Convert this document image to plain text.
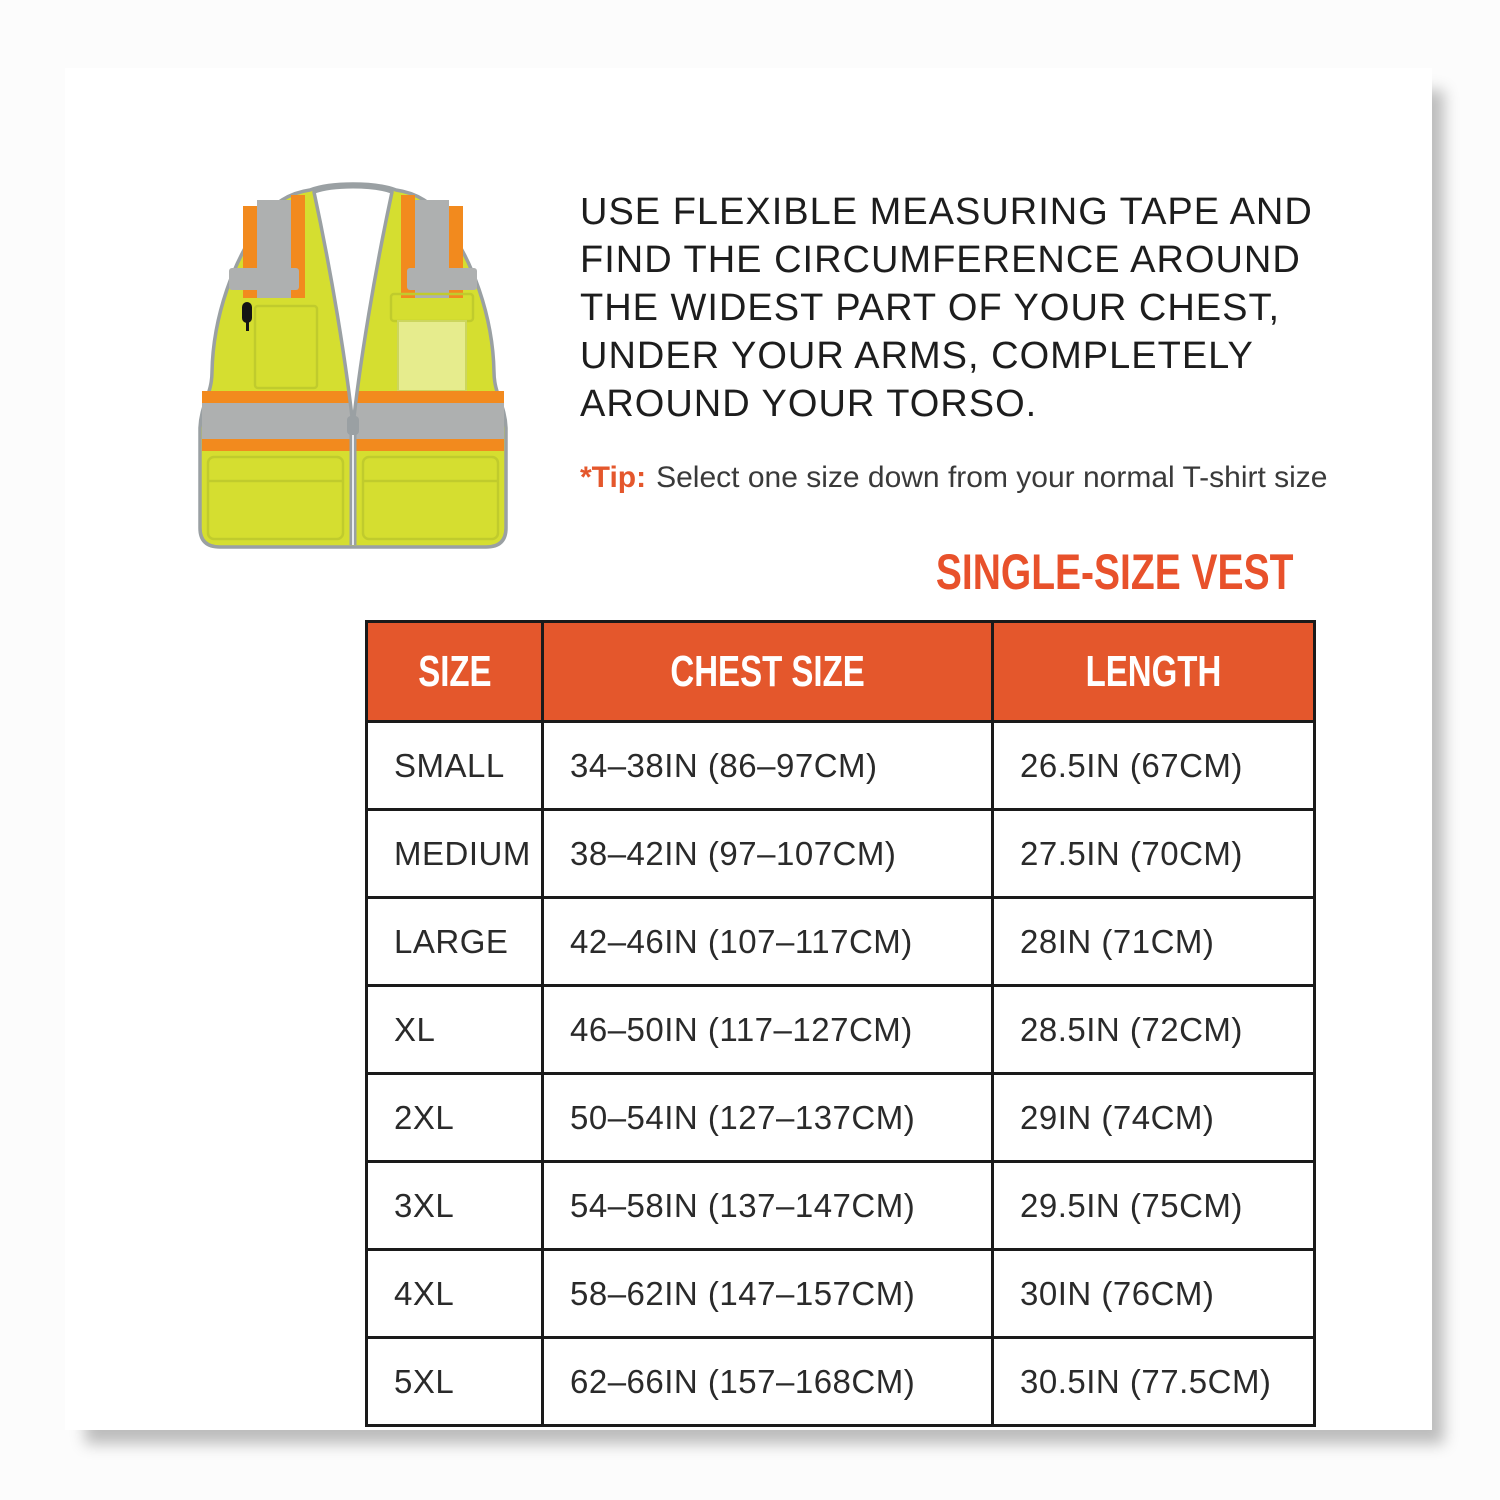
USE FLEXIBLE MEASURING TAPE AND
FIND THE CIRCUMFERENCE AROUND
THE WIDEST PART OF YOUR CHEST,
UNDER YOUR ARMS, COMPLETELY
AROUND YOUR TORSO.
*Tip: Select one size down from your normal T-shirt size
SINGLE-SIZE VEST
SIZE	CHEST SIZE	LENGTH
SMALL	34–38IN (86–97CM)	26.5IN (67CM)
MEDIUM	38–42IN (97–107CM)	27.5IN (70CM)
LARGE	42–46IN (107–117CM)	28IN (71CM)
XL	46–50IN (117–127CM)	28.5IN (72CM)
2XL	50–54IN (127–137CM)	29IN (74CM)
3XL	54–58IN (137–147CM)	29.5IN (75CM)
4XL	58–62IN (147–157CM)	30IN (76CM)
5XL	62–66IN (157–168CM)	30.5IN (77.5CM)
